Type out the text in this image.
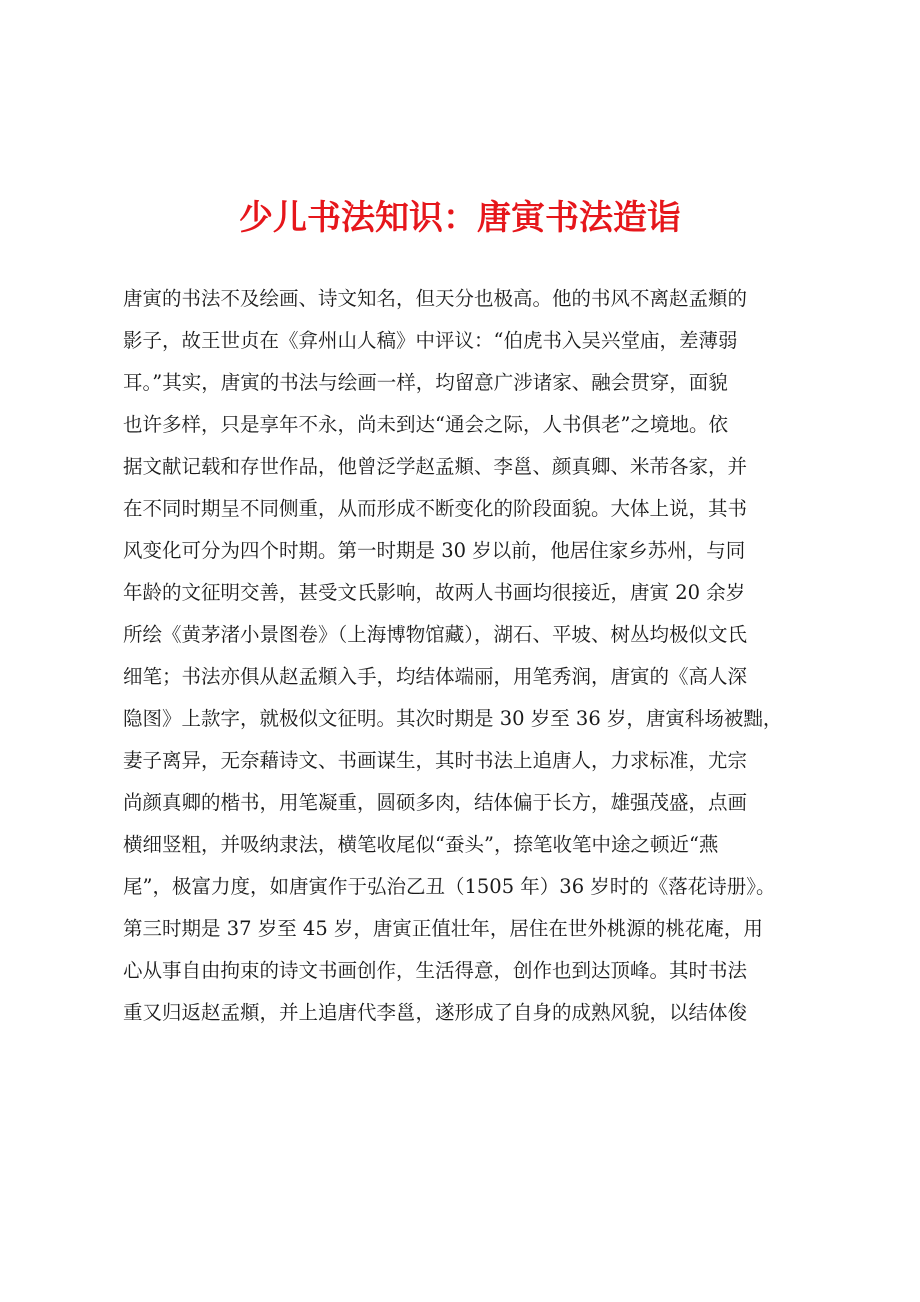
少儿书法知识：唐寅书法造诣
唐寅的书法不及绘画、诗文知名，但天分也极高。他的书风不离赵孟頫的
影子，故王世贞在《弇州山人稿》中评议：“伯虎书入吴兴堂庙，差薄弱
耳。”其实，唐寅的书法与绘画一样，均留意广涉诸家、融会贯穿，面貌
也许多样，只是享年不永，尚未到达“通会之际，人书俱老”之境地。依
据文献记载和存世作品，他曾泛学赵孟頫、李邕、颜真卿、米芾各家，并
在不同时期呈不同侧重，从而形成不断变化的阶段面貌。大体上说，其书
风变化可分为四个时期。第一时期是 30 岁以前，他居住家乡苏州，与同
年龄的文征明交善，甚受文氏影响，故两人书画均很接近，唐寅 20 余岁
所绘《黄茅渚小景图卷》（上海博物馆藏），湖石、平坡、树丛均极似文氏
细笔；书法亦俱从赵孟頫入手，均结体端丽，用笔秀润，唐寅的《高人深
隐图》上款字，就极似文征明。其次时期是 30 岁至 36 岁，唐寅科场被黜，
妻子离异，无奈藉诗文、书画谋生，其时书法上追唐人，力求标准，尤宗
尚颜真卿的楷书，用笔凝重，圆硕多肉，结体偏于长方，雄强茂盛，点画
横细竖粗，并吸纳隶法，横笔收尾似“蚕头”，捺笔收笔中途之顿近“燕
尾”，极富力度，如唐寅作于弘治乙丑（1505 年）36 岁时的《落花诗册》。
第三时期是 37 岁至 45 岁，唐寅正值壮年，居住在世外桃源的桃花庵，用
心从事自由拘束的诗文书画创作，生活得意，创作也到达顶峰。其时书法
重又归返赵孟頫，并上追唐代李邕，遂形成了自身的成熟风貌，以结体俊
